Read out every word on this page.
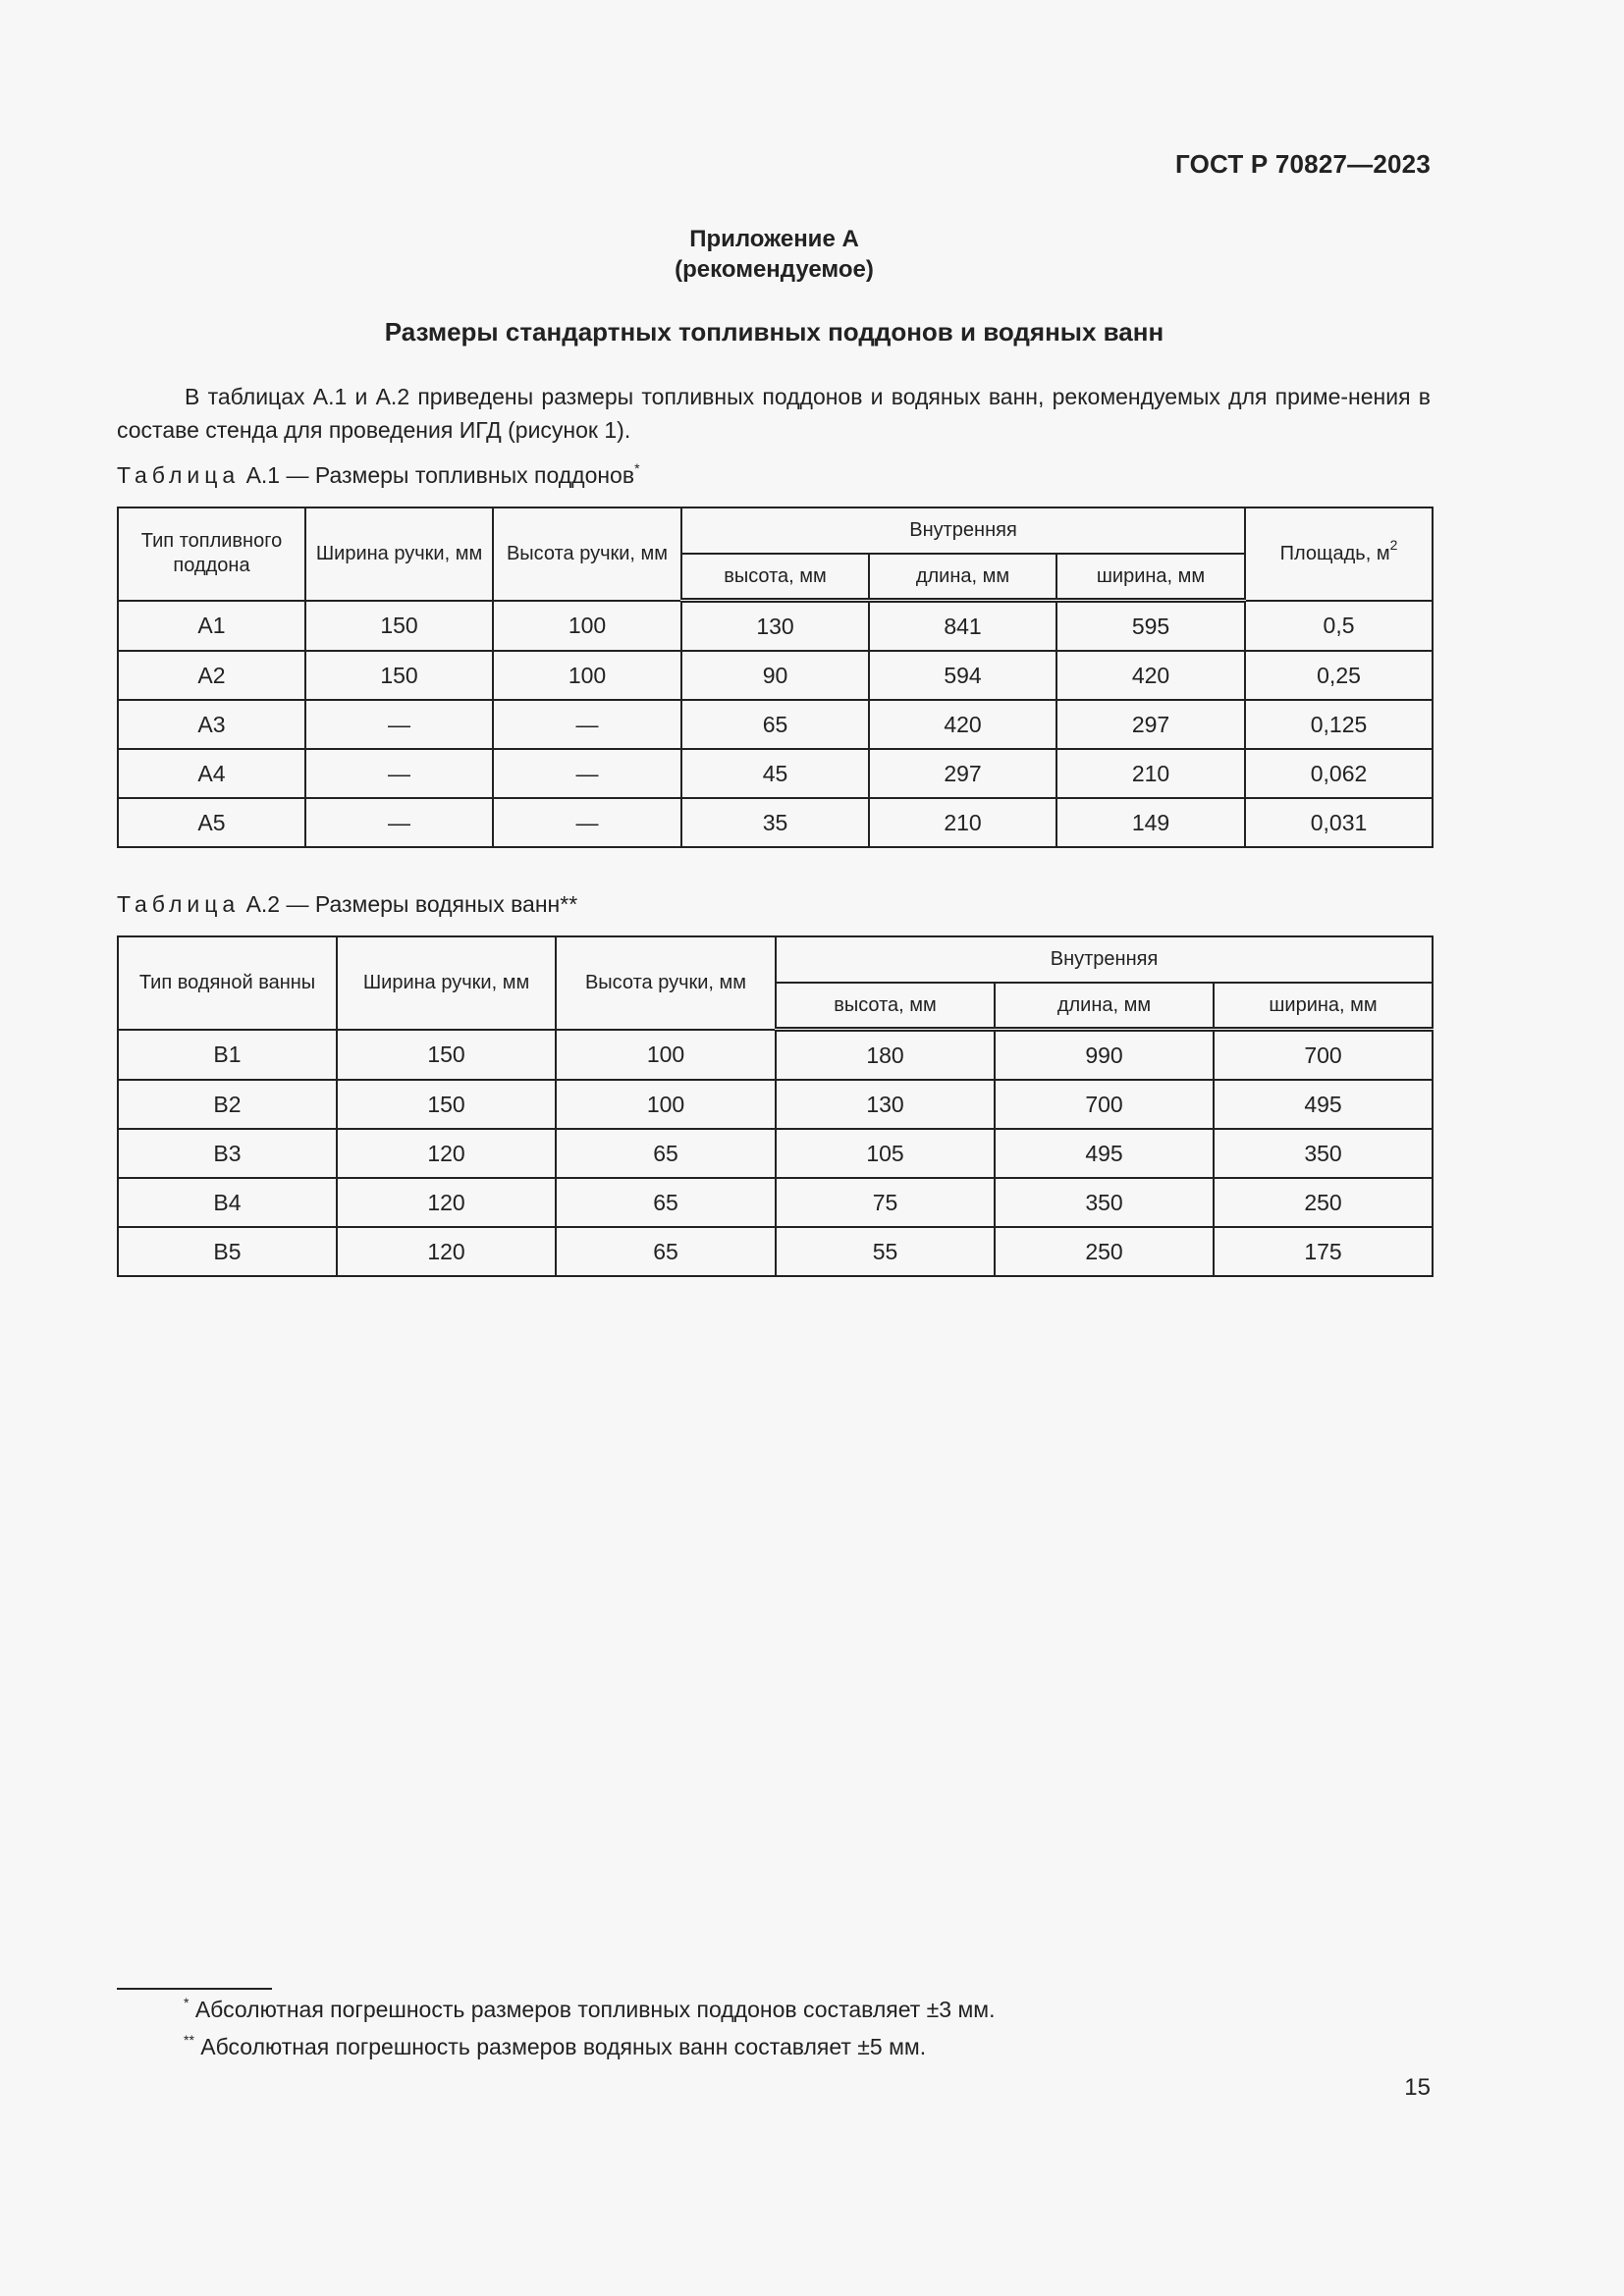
ГОСТ Р 70827—2023
Приложение А
(рекомендуемое)
Размеры стандартных топливных поддонов и водяных ванн
В таблицах А.1 и А.2 приведены размеры топливных поддонов и водяных ванн, рекомендуемых для приме-нения в составе стенда для проведения ИГД (рисунок 1).
Таблица А.1 — Размеры топливных поддонов*
Тип топливного поддона	Ширина ручки, мм	Высота ручки, мм	Внутренняя			Площадь, $м^2$
			высота, мм	длина, мм	ширина, мм	
А1	150	100	130	841	595	0,5
А2	150	100	90	594	420	0,25
А3	—	—	65	420	297	0,125
А4	—	—	45	297	210	0,062
А5	—	—	35	210	149	0,031
Таблица А.2 — Размеры водяных ванн**
Тип водяной ванны	Ширина ручки, мм	Высота ручки, мм	Внутренняя		
			высота, мм	длина, мм	ширина, мм
В1	150	100	180	990	700
В2	150	100	130	700	495
В3	120	65	105	495	350
В4	120	65	75	350	250
В5	120	65	55	250	175
* Абсолютная погрешность размеров топливных поддонов составляет ±3 мм.
** Абсолютная погрешность размеров водяных ванн составляет ±5 мм.
15
